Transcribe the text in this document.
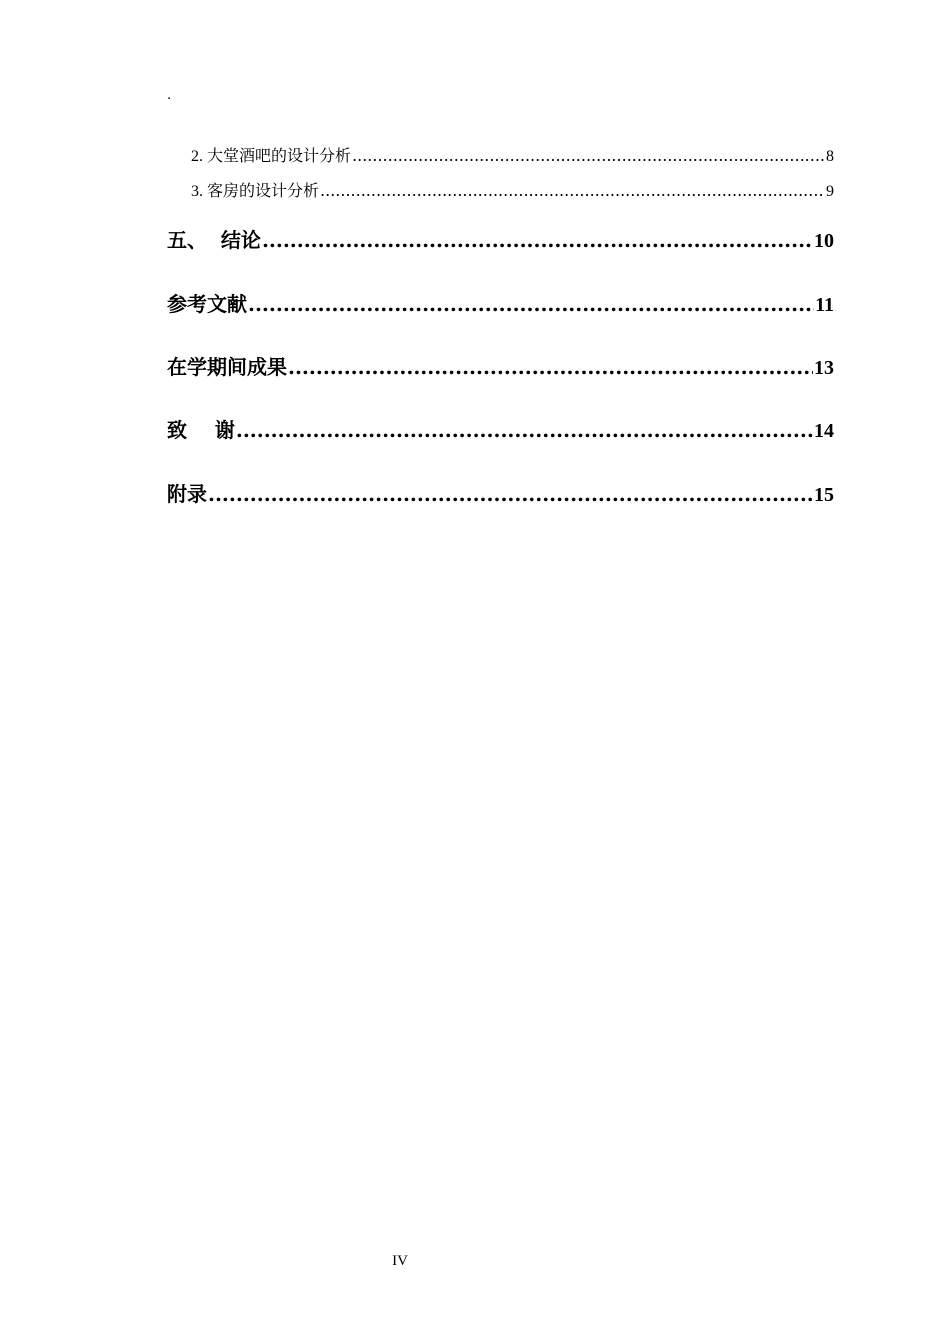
.
2. 大堂酒吧的设计分析 .....	8
3. 客房的设计分析 .....	9
五、  结论 .....	10
参考文献 .....	11
在学期间成果 .....	13
致    谢 .....	14
附录 .....	15
IV
